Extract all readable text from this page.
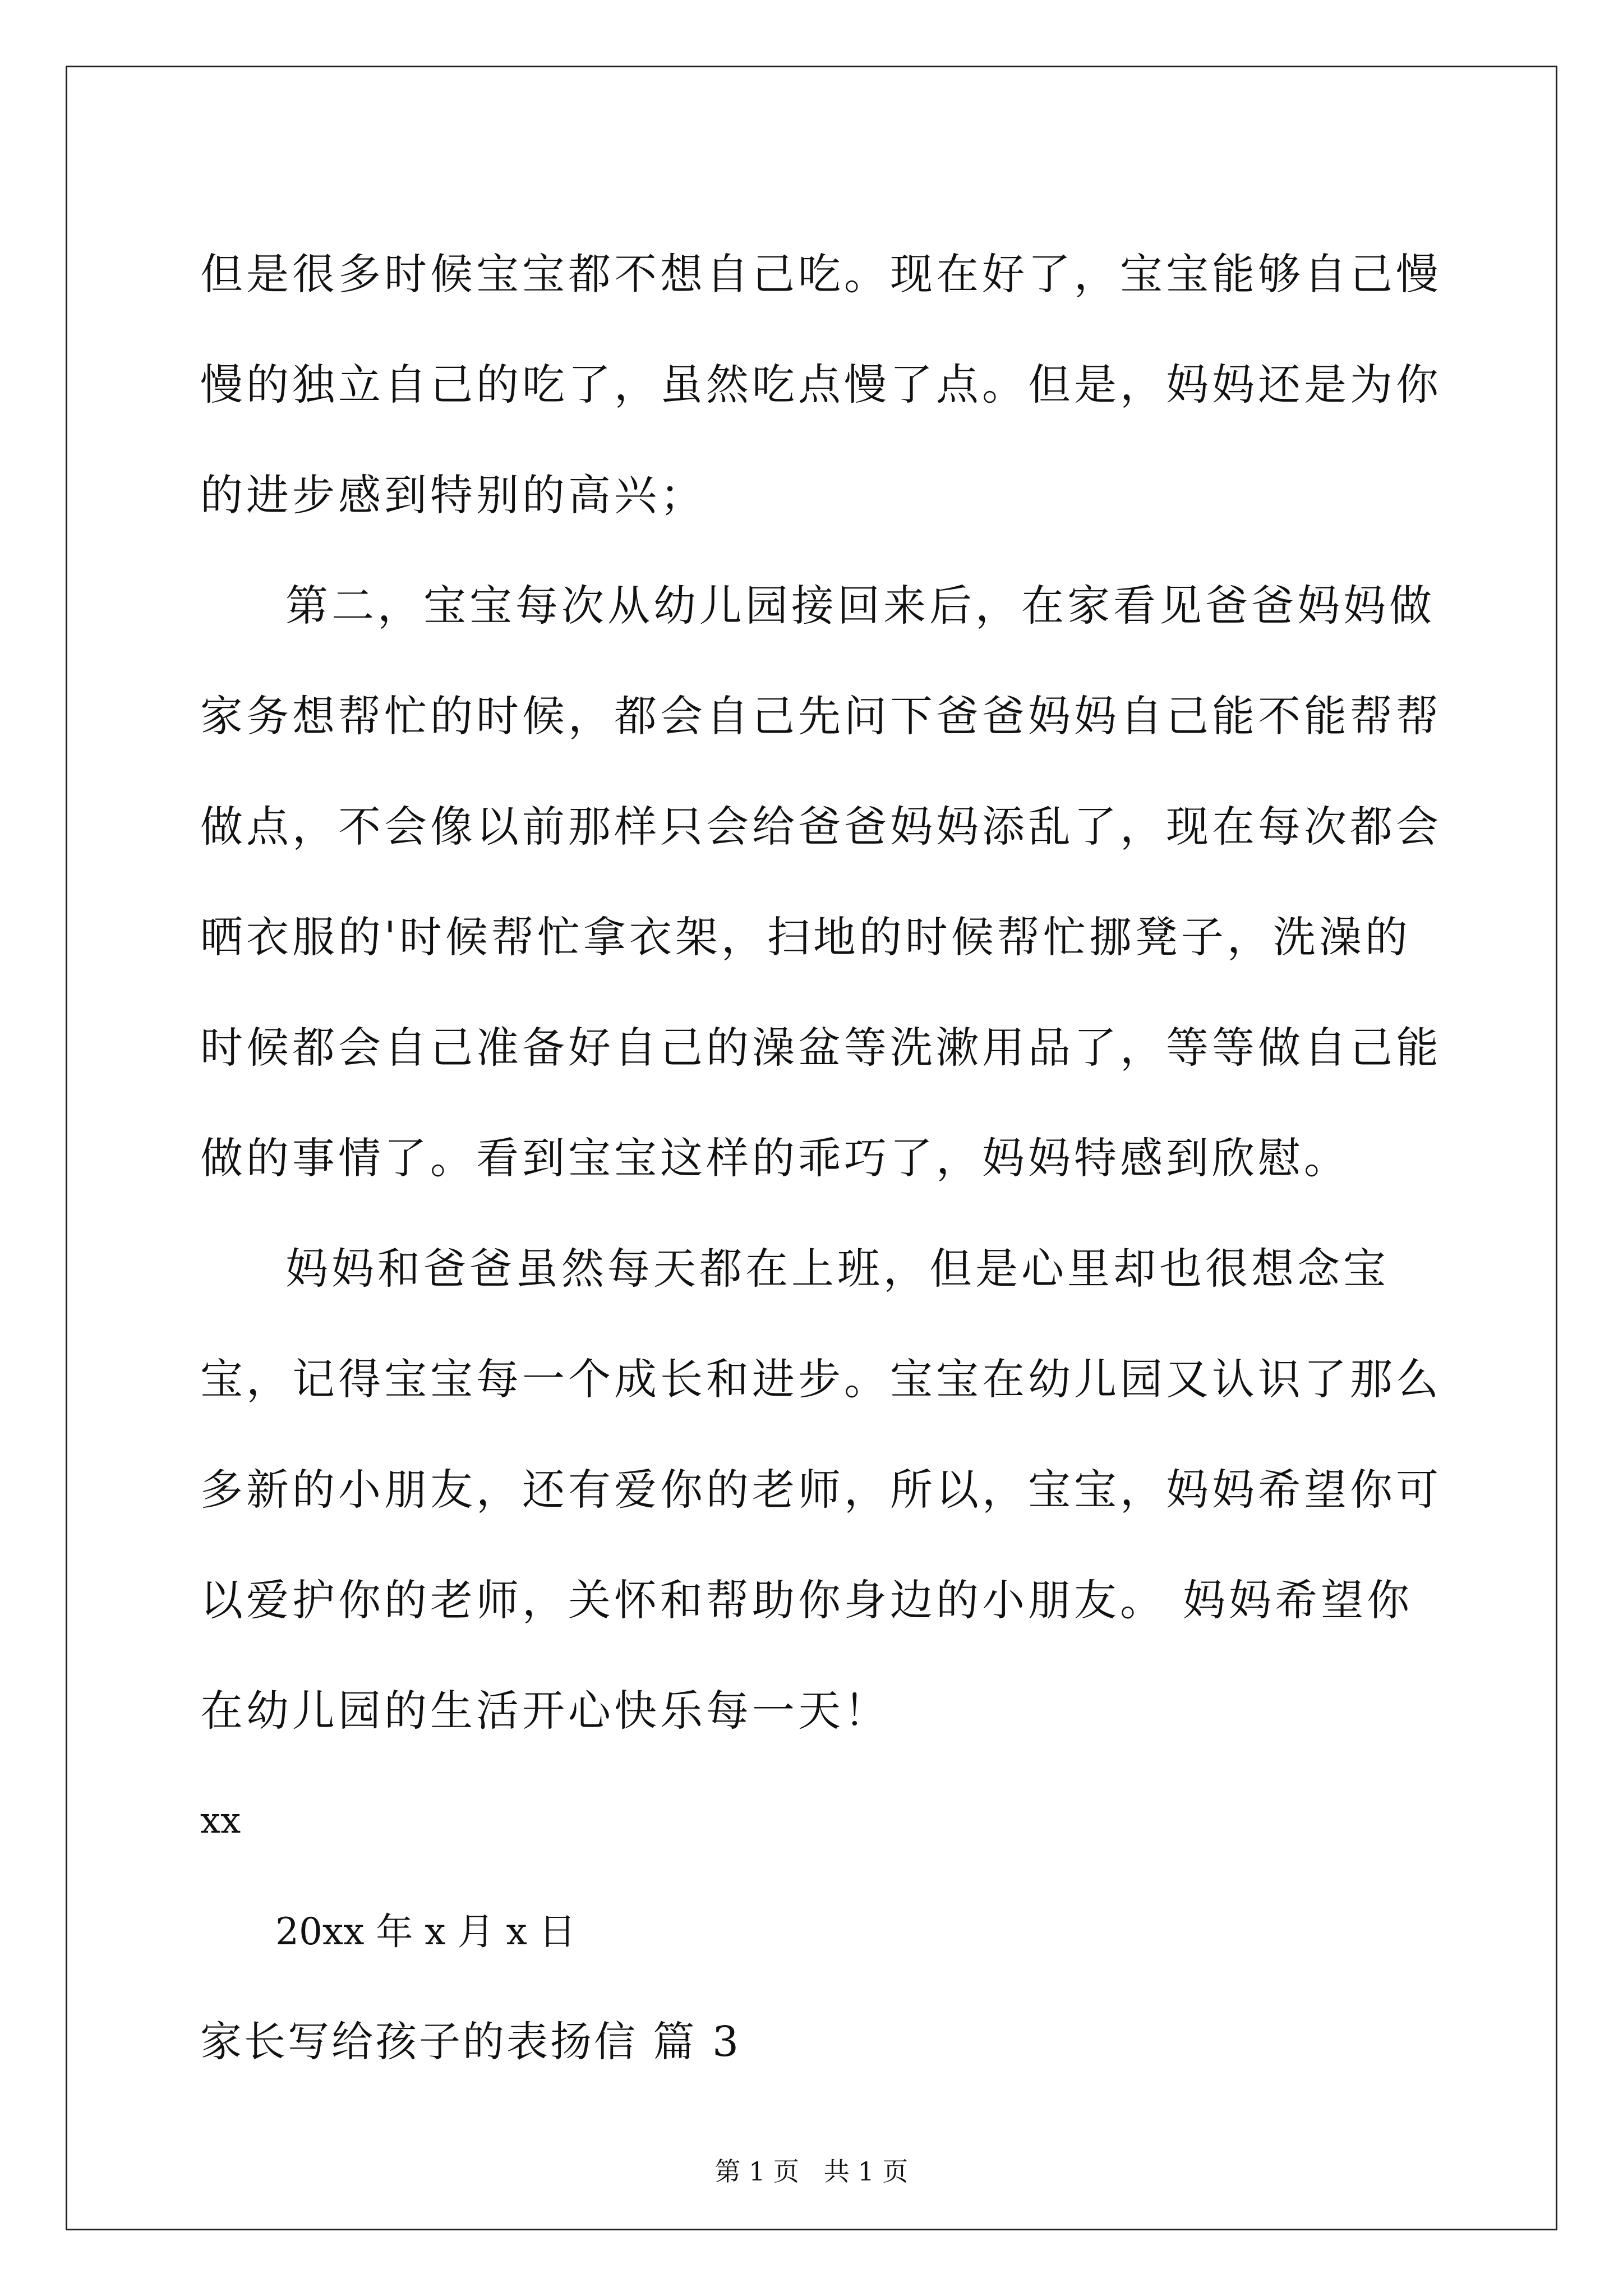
但是很多时候宝宝都不想自己吃。现在好了，宝宝能够自己慢慢的独立自己的吃了，虽然吃点慢了点。但是，妈妈还是为你的进步感到特别的高兴；

第二，宝宝每次从幼儿园接回来后，在家看见爸爸妈妈做家务想帮忙的时候，都会自己先问下爸爸妈妈自己能不能帮帮做点，不会像以前那样只会给爸爸妈妈添乱了，现在每次都会晒衣服的'时候帮忙拿衣架，扫地的时候帮忙挪凳子，洗澡的时候都会自己准备好自己的澡盆等洗漱用品了，等等做自己能做的事情了。看到宝宝这样的乖巧了，妈妈特感到欣慰。

妈妈和爸爸虽然每天都在上班，但是心里却也很想念宝宝，记得宝宝每一个成长和进步。宝宝在幼儿园又认识了那么多新的小朋友，还有爱你的老师，所以，宝宝，妈妈希望你可以爱护你的老师，关怀和帮助你身边的小朋友。 妈妈希望你在幼儿园的生活开心快乐每一天！

xx

20xx 年 x 月 x 日

家长写给孩子的表扬信 篇 3

第 1 页   共 1 页
